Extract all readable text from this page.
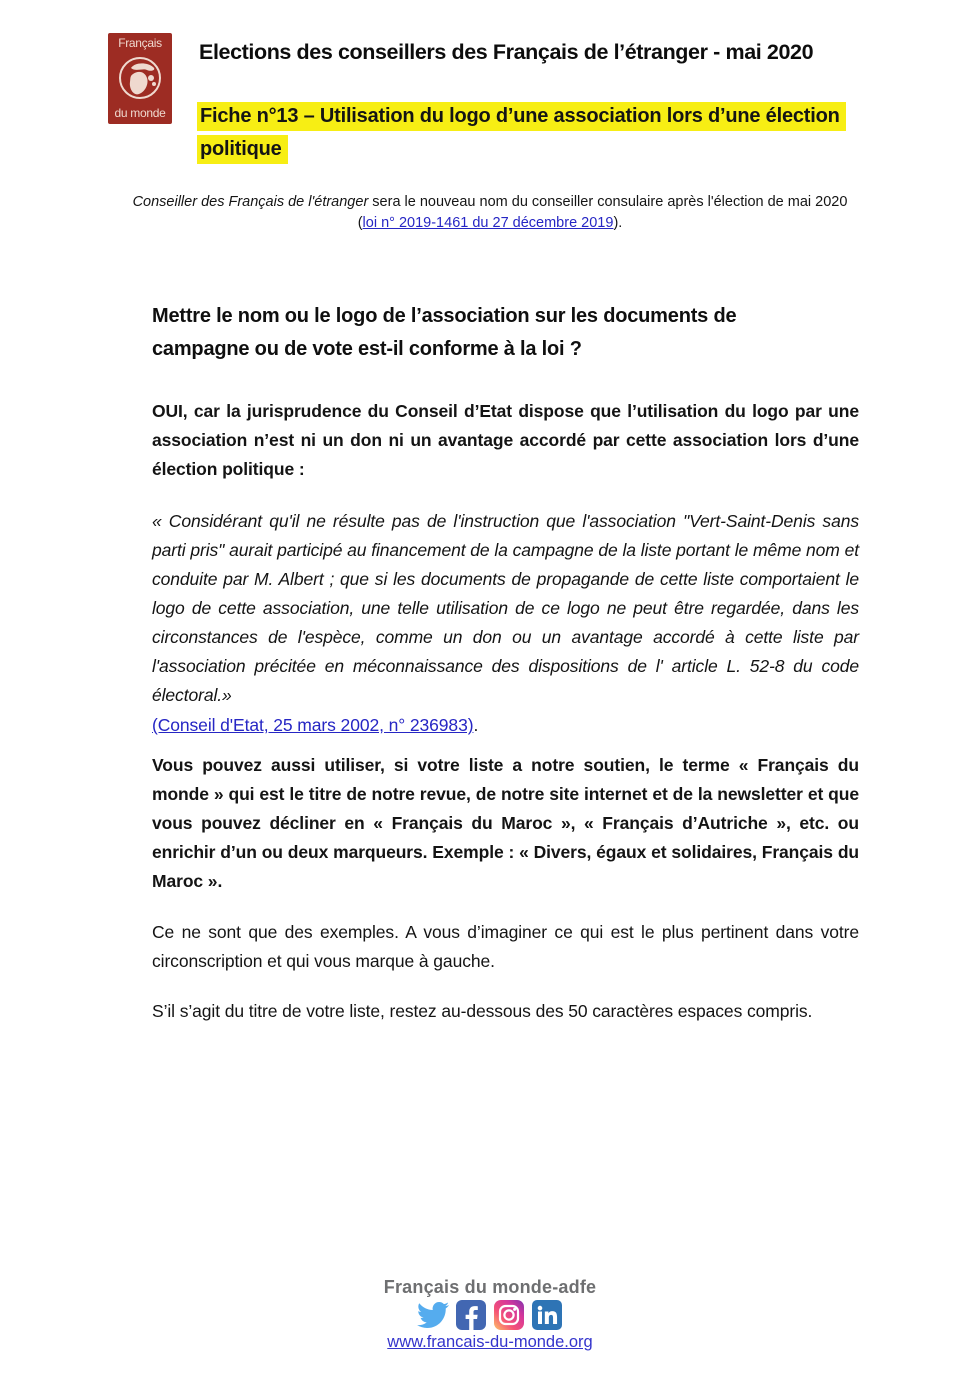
Français
du monde
Elections des conseillers des Français de l’étranger - mai 2020
Fiche n°13 – Utilisation du logo d’une association lors d’une élection
politique
Conseiller des Français de l'étranger sera le nouveau nom du conseiller consulaire après l'élection de mai 2020
(loi n° 2019-1461 du 27 décembre 2019).
Mettre le nom ou le logo de l’association sur les documents de campagne ou de vote est-il conforme à la loi ?

OUI, car la jurisprudence du Conseil d’Etat dispose que l’utilisation du logo par une association n’est ni un don ni un avantage accordé par cette association lors d’une élection politique :

« Considérant qu'il ne résulte pas de l'instruction que l'association "Vert-Saint-Denis sans parti pris" aurait participé au financement de la campagne de la liste portant le même nom et conduite par M. Albert ; que si les documents de propagande de cette liste comportaient le logo de cette association, une telle utilisation de ce logo ne peut être regardée, dans les circonstances de l'espèce, comme un don ou un avantage accordé à cette liste par l'association précitée en méconnaissance des dispositions de l' article L. 52-8 du code électoral.»

(Conseil d'Etat, 25 mars 2002, n° 236983).

Vous pouvez aussi utiliser, si votre liste a notre soutien, le terme « Français du monde » qui est le titre de notre revue, de notre site internet et de la newsletter et que vous pouvez décliner en « Français du Maroc », « Français d’Autriche », etc. ou enrichir d’un ou deux marqueurs. Exemple : « Divers, égaux et solidaires, Français du Maroc ».

Ce ne sont que des exemples. A vous d’imaginer ce qui est le plus pertinent dans votre circonscription et qui vous marque à gauche.

S’il s’agit du titre de votre liste, restez au-dessous des 50 caractères espaces compris.

Français du monde-adfe
www.francais-du-monde.org
